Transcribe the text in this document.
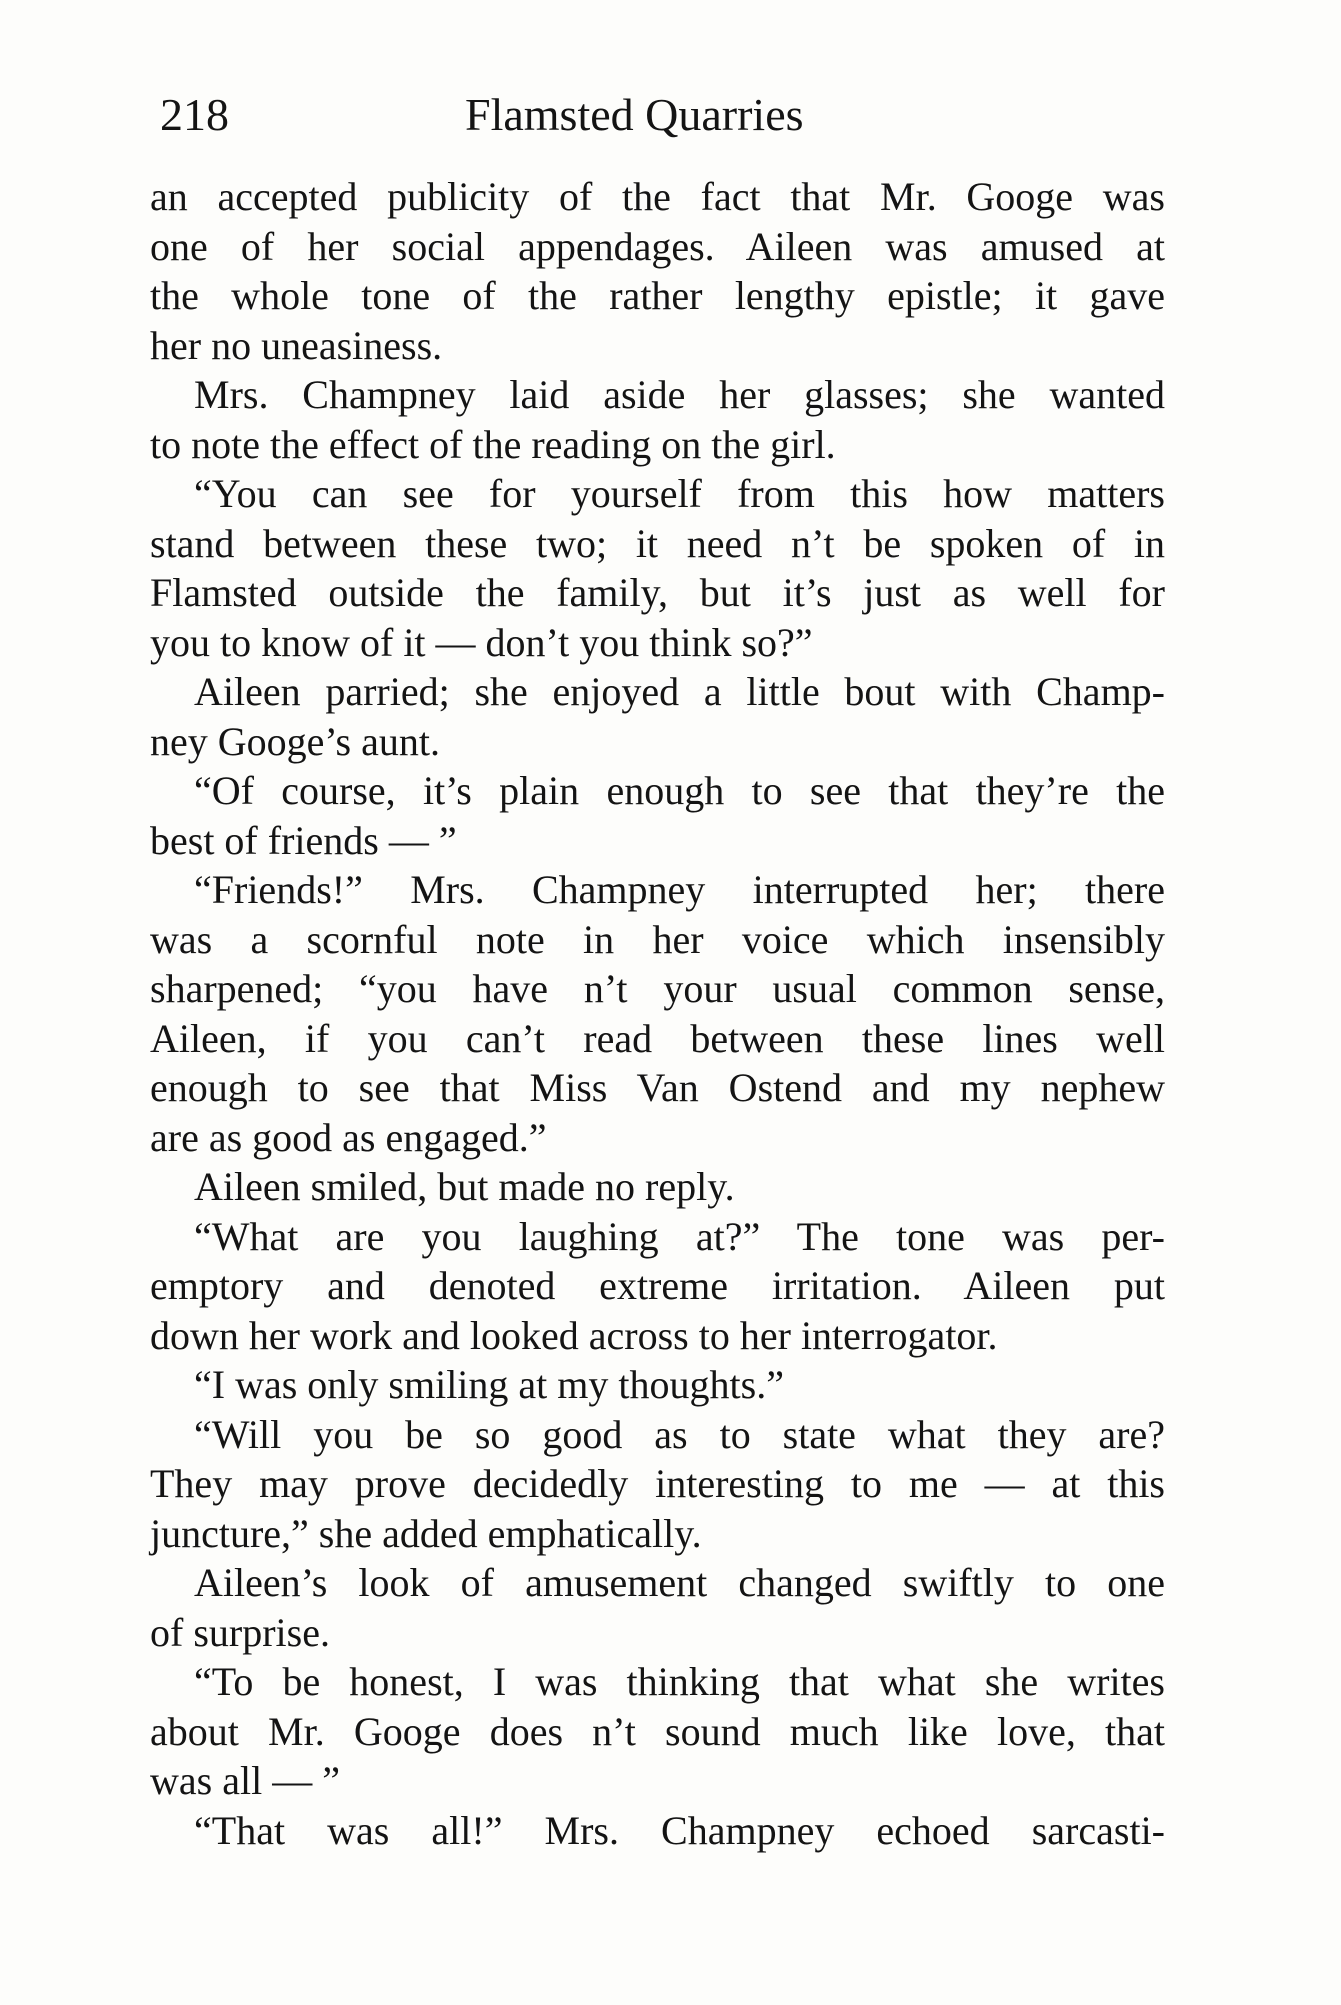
218	Flamsted Quarries
an accepted publicity of the fact that Mr. Googe was
one of her social appendages. Aileen was amused at
the whole tone of the rather lengthy epistle; it gave
her no uneasiness.
Mrs. Champney laid aside her glasses; she wanted
to note the effect of the reading on the girl.
“You can see for yourself from this how matters
stand between these two; it need n’t be spoken of in
Flamsted outside the family, but it’s just as well for
you to know of it — don’t you think so?”
Aileen parried; she enjoyed a little bout with Champ-
ney Googe’s aunt.
“Of course, it’s plain enough to see that they’re the
best of friends — ”
“Friends!” Mrs. Champney interrupted her; there
was a scornful note in her voice which insensibly
sharpened; “you have n’t your usual common sense,
Aileen, if you can’t read between these lines well
enough to see that Miss Van Ostend and my nephew
are as good as engaged.”
Aileen smiled, but made no reply.
“What are you laughing at?” The tone was per-
emptory and denoted extreme irritation. Aileen put
down her work and looked across to her interrogator.
“I was only smiling at my thoughts.”
“Will you be so good as to state what they are?
They may prove decidedly interesting to me — at this
juncture,” she added emphatically.
Aileen’s look of amusement changed swiftly to one
of surprise.
“To be honest, I was thinking that what she writes
about Mr. Googe does n’t sound much like love, that
was all — ”
“That was all!” Mrs. Champney echoed sarcasti-
